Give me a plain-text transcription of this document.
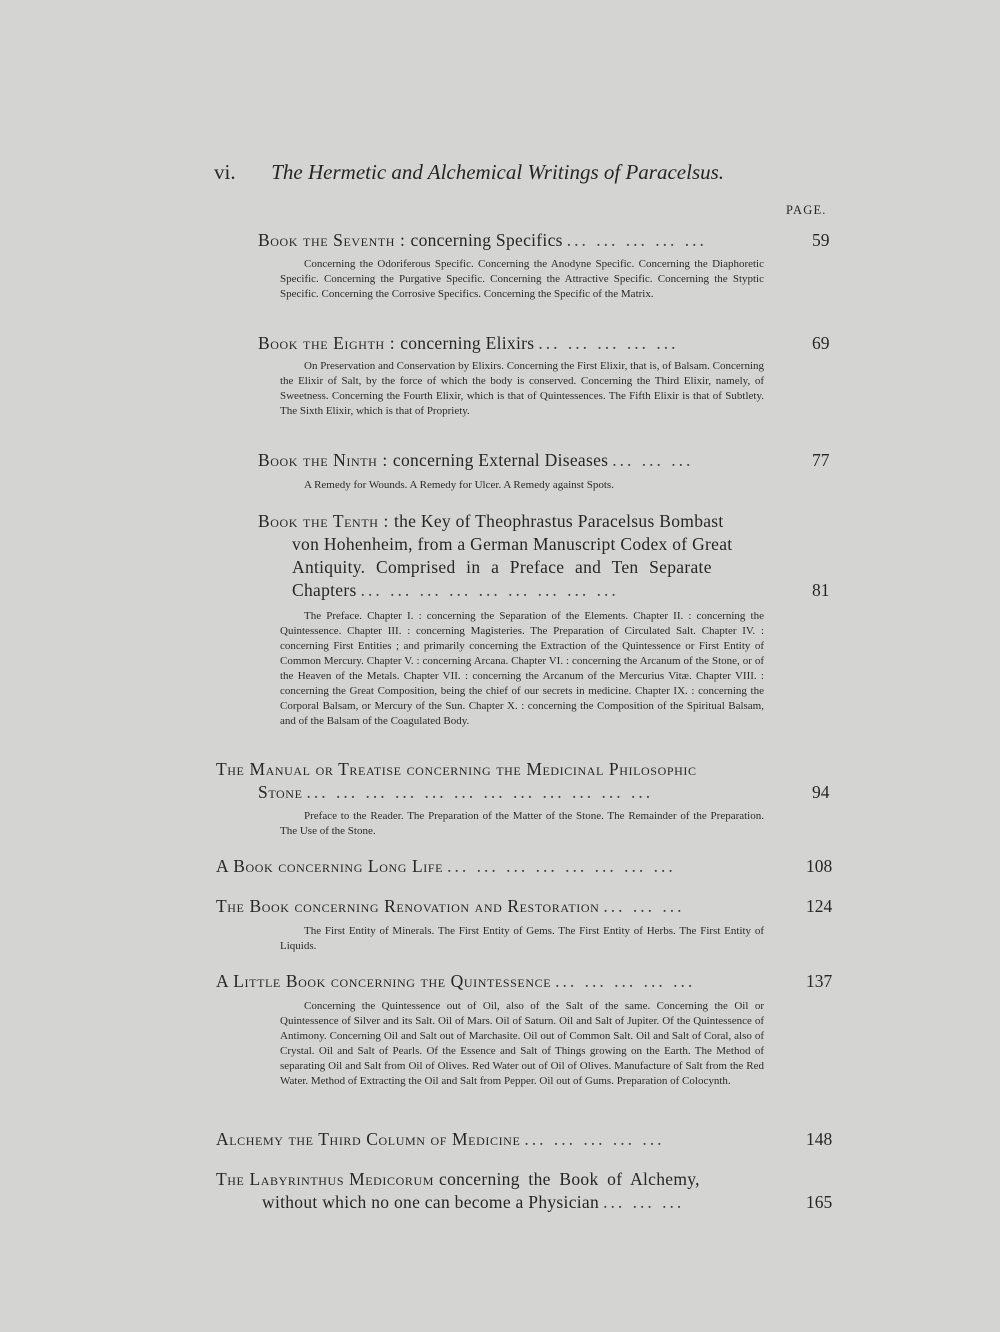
vi. The Hermetic and Alchemical Writings of Paracelsus.
PAGE.
Book the Seventh :
concerning Specifics ... ... ... ... ...	59
Concerning the Odoriferous Specific. Concerning the Anodyne Specific. Concerning the Diaphoretic Specific. Concerning the Purgative Specific. Concerning the Attractive Specific. Concerning the Styptic Specific. Concerning the Corrosive Specifics. Concerning the Specific of the Matrix.
Book the Eighth :
concerning Elixirs ... ... ... ... ...	69
On Preservation and Conservation by Elixirs. Concerning the First Elixir, that is, of Balsam. Concerning the Elixir of Salt, by the force of which the body is conserved. Concerning the Third Elixir, namely, of Sweetness. Concerning the Fourth Elixir, which is that of Quintessences. The Fifth Elixir is that of Subtlety. The Sixth Elixir, which is that of Propriety.
Book the Ninth :
concerning External Diseases ... ... ...	77
A Remedy for Wounds. A Remedy for Ulcer. A Remedy against Spots.
Book the Tenth : the Key of Theophrastus Paracelsus Bombast
von Hohenheim, from a German Manuscript Codex of Great
Antiquity. Comprised in a Preface and Ten Separate
Chapters ... ... ... ... ... ... ... ... ...	81
The Preface. Chapter I. : concerning the Separation of the Elements. Chapter II. : concerning the Quintessence. Chapter III. : concerning Magisteries. The Preparation of Circulated Salt. Chapter IV. : concerning First Entities ; and primarily concerning the Extraction of the Quintessence or First Entity of Common Mercury. Chapter V. : concerning Arcana. Chapter VI. : concerning the Arcanum of the Stone, or of the Heaven of the Metals. Chapter VII. : concerning the Arcanum of the Mercurius Vitæ. Chapter VIII. : concerning the Great Composition, being the chief of our secrets in medicine. Chapter IX. : concerning the Corporal Balsam, or Mercury of the Sun. Chapter X. : concerning the Composition of the Spiritual Balsam, and of the Balsam of the Coagulated Body.
The Manual or Treatise concerning the Medicinal Philosophic
Stone ... ... ... ... ... ... ... ... ... ... ... ...	94
Preface to the Reader. The Preparation of the Matter of the Stone. The Remainder of the Preparation. The Use of the Stone.
A Book concerning Long Life ... ... ... ... ... ... ... ...	108
The Book concerning Renovation and Restoration ... ... ...	124
The First Entity of Minerals. The First Entity of Gems. The First Entity of Herbs. The First Entity of Liquids.
A Little Book concerning the Quintessence ... ... ... ... ...	137
Concerning the Quintessence out of Oil, also of the Salt of the same. Concerning the Oil or Quintessence of Silver and its Salt. Oil of Mars. Oil of Saturn. Oil and Salt of Jupiter. Of the Quintessence of Antimony. Concerning Oil and Salt out of Marchasite. Oil out of Common Salt. Oil and Salt of Coral, also of Crystal. Oil and Salt of Pearls. Of the Essence and Salt of Things growing on the Earth. The Method of separating Oil and Salt from Oil of Olives. Red Water out of Oil of Olives. Manufacture of Salt from the Red Water. Method of Extracting the Oil and Salt from Pepper. Oil out of Gums. Preparation of Colocynth.
Alchemy the Third Column of Medicine ... ... ... ... ...	148
The Labyrinthus Medicorum concerning the Book of Alchemy,
without which no one can become a Physician ... ... ...	165
